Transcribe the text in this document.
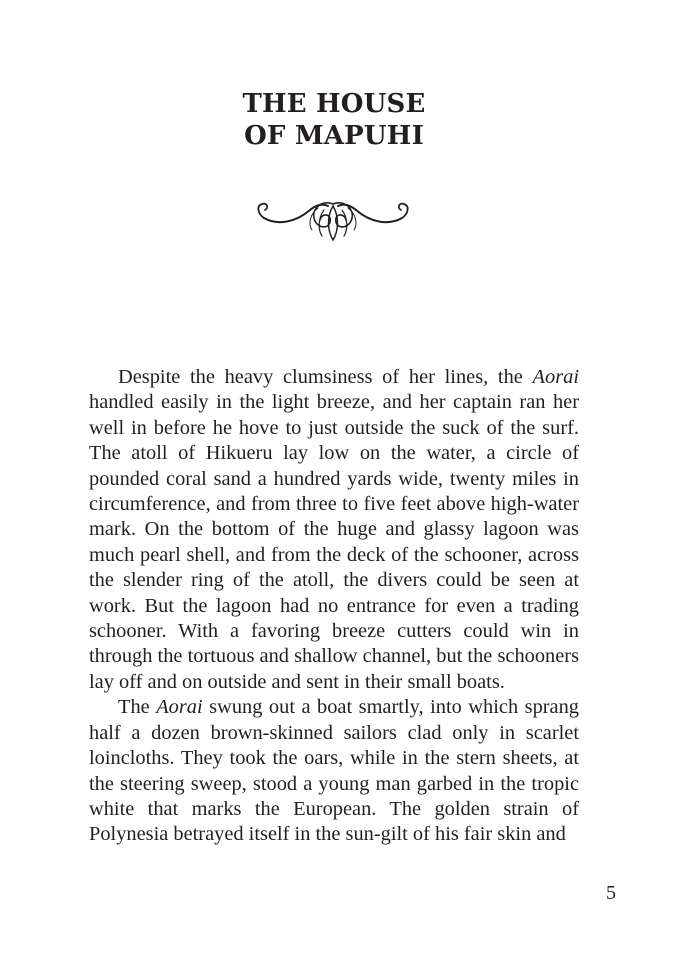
THE HOUSE
OF MAPUHI

Despite the heavy clumsiness of her lines, the Aorai handled easily in the light breeze, and her captain ran her well in before he hove to just outside the suck of the surf. The atoll of Hikueru lay low on the water, a circle of pounded coral sand a hundred yards wide, twenty miles in circumference, and from three to five feet above high-water mark. On the bottom of the huge and glassy lagoon was much pearl shell, and from the deck of the schooner, across the slender ring of the atoll, the divers could be seen at work. But the lagoon had no entrance for even a trading schooner. With a favoring breeze cutters could win in through the tortuous and shallow channel, but the schooners lay off and on outside and sent in their small boats.

The Aorai swung out a boat smartly, into which sprang half a dozen brown-skinned sailors clad only in scarlet loincloths. They took the oars, while in the stern sheets, at the steering sweep, stood a young man garbed in the tropic white that marks the European. The golden strain of Polynesia betrayed itself in the sun-gilt of his fair skin and

5
